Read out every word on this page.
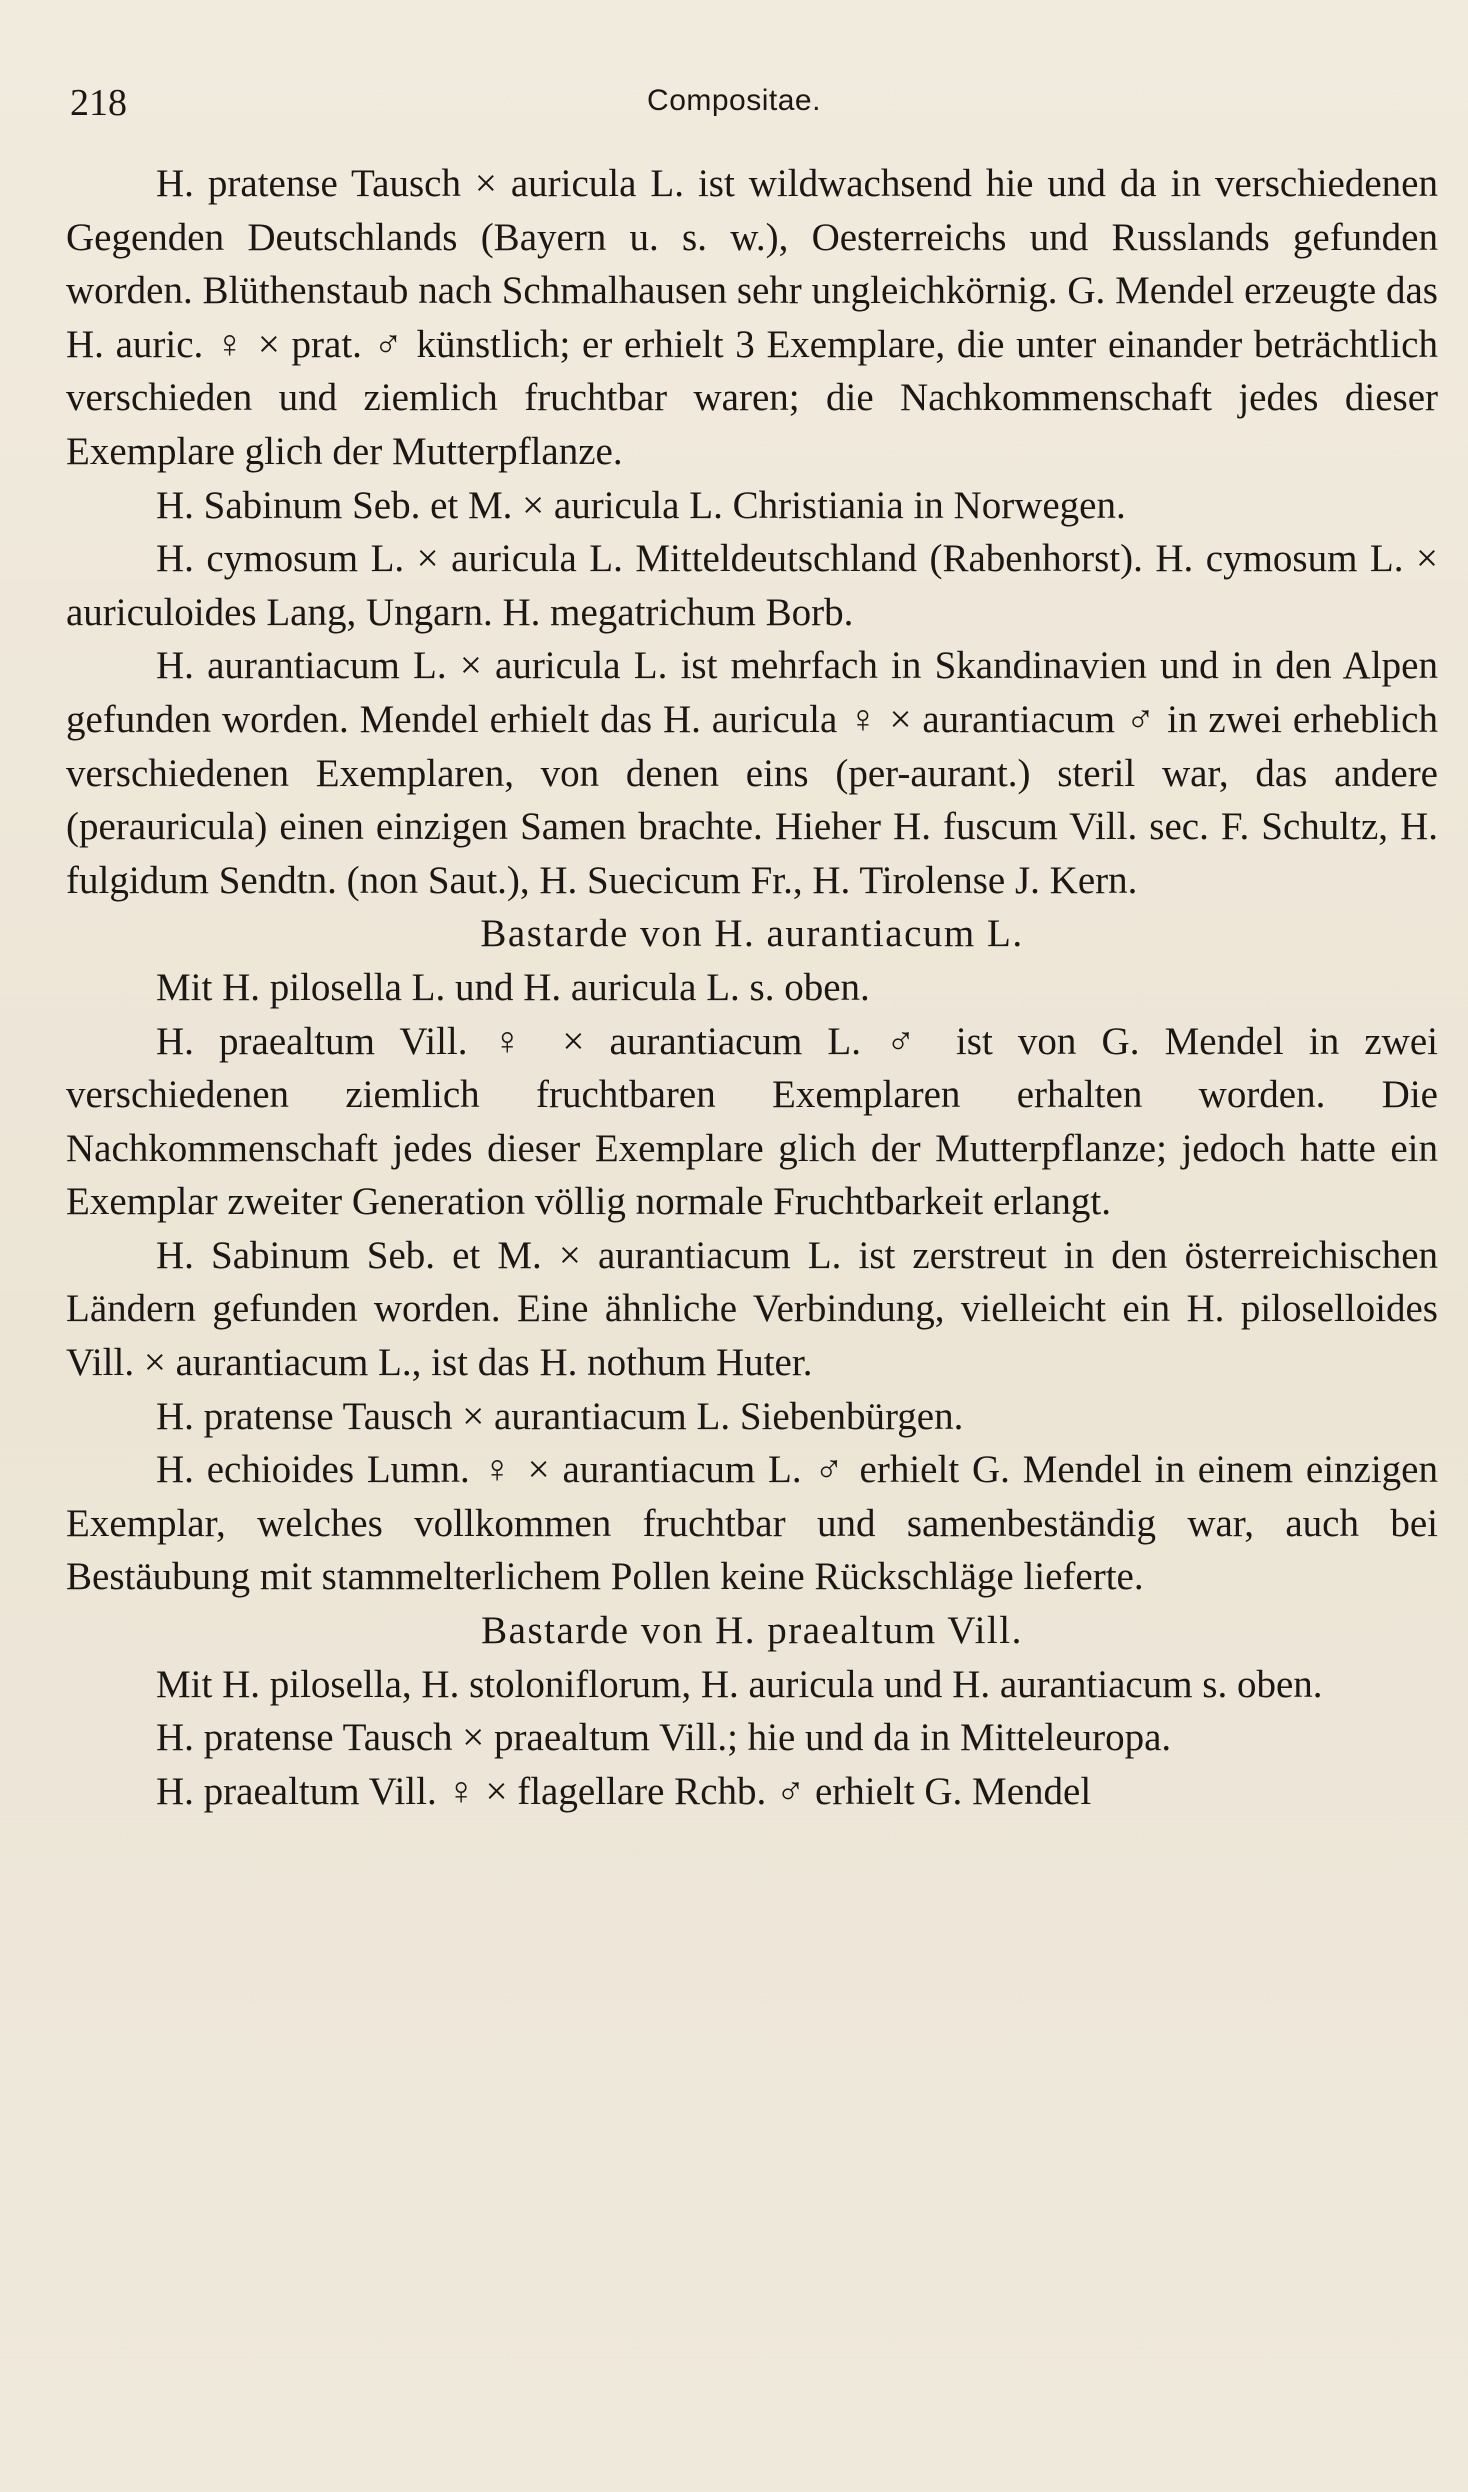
218	Compositae.

H. pratense Tausch × auricula L. ist wildwachsend hie und da in verschiedenen Gegenden Deutschlands (Bayern u. s. w.), Oesterreichs und Russlands gefunden worden. Blüthenstaub nach Schmalhausen sehr ungleichkörnig. G. Mendel erzeugte das H. auric. ♀ × prat. ♂ künstlich; er erhielt 3 Exemplare, die unter einander beträchtlich verschieden und ziemlich fruchtbar waren; die Nachkommenschaft jedes dieser Exemplare glich der Mutterpflanze.

H. Sabinum Seb. et M. × auricula L. Christiania in Norwegen.

H. cymosum L. × auricula L. Mitteldeutschland (Rabenhorst). H. cymosum L. × auriculoides Lang, Ungarn. H. megatrichum Borb.

H. aurantiacum L. × auricula L. ist mehrfach in Skandinavien und in den Alpen gefunden worden. Mendel erhielt das H. auricula ♀ × aurantiacum ♂ in zwei erheblich verschiedenen Exemplaren, von denen eins (per-aurant.) steril war, das andere (perauricula) einen einzigen Samen brachte. Hieher H. fuscum Vill. sec. F. Schultz, H. fulgidum Sendtn. (non Saut.), H. Suecicum Fr., H. Tirolense J. Kern.

Bastarde von H. aurantiacum L.

Mit H. pilosella L. und H. auricula L. s. oben.

H. praealtum Vill. ♀ × aurantiacum L. ♂ ist von G. Mendel in zwei verschiedenen ziemlich fruchtbaren Exemplaren erhalten worden. Die Nachkommenschaft jedes dieser Exemplare glich der Mutterpflanze; jedoch hatte ein Exemplar zweiter Generation völlig normale Fruchtbarkeit erlangt.

H. Sabinum Seb. et M. × aurantiacum L. ist zerstreut in den österreichischen Ländern gefunden worden. Eine ähnliche Verbindung, vielleicht ein H. piloselloides Vill. × aurantiacum L., ist das H. nothum Huter.

H. pratense Tausch × aurantiacum L. Siebenbürgen.

H. echioides Lumn. ♀ × aurantiacum L. ♂ erhielt G. Mendel in einem einzigen Exemplar, welches vollkommen fruchtbar und samenbeständig war, auch bei Bestäubung mit stammelterlichem Pollen keine Rückschläge lieferte.

Bastarde von H. praealtum Vill.

Mit H. pilosella, H. stoloniflorum, H. auricula und H. aurantiacum s. oben.

H. pratense Tausch × praealtum Vill.; hie und da in Mitteleuropa.

H. praealtum Vill. ♀ × flagellare Rchb. ♂ erhielt G. Mendel
